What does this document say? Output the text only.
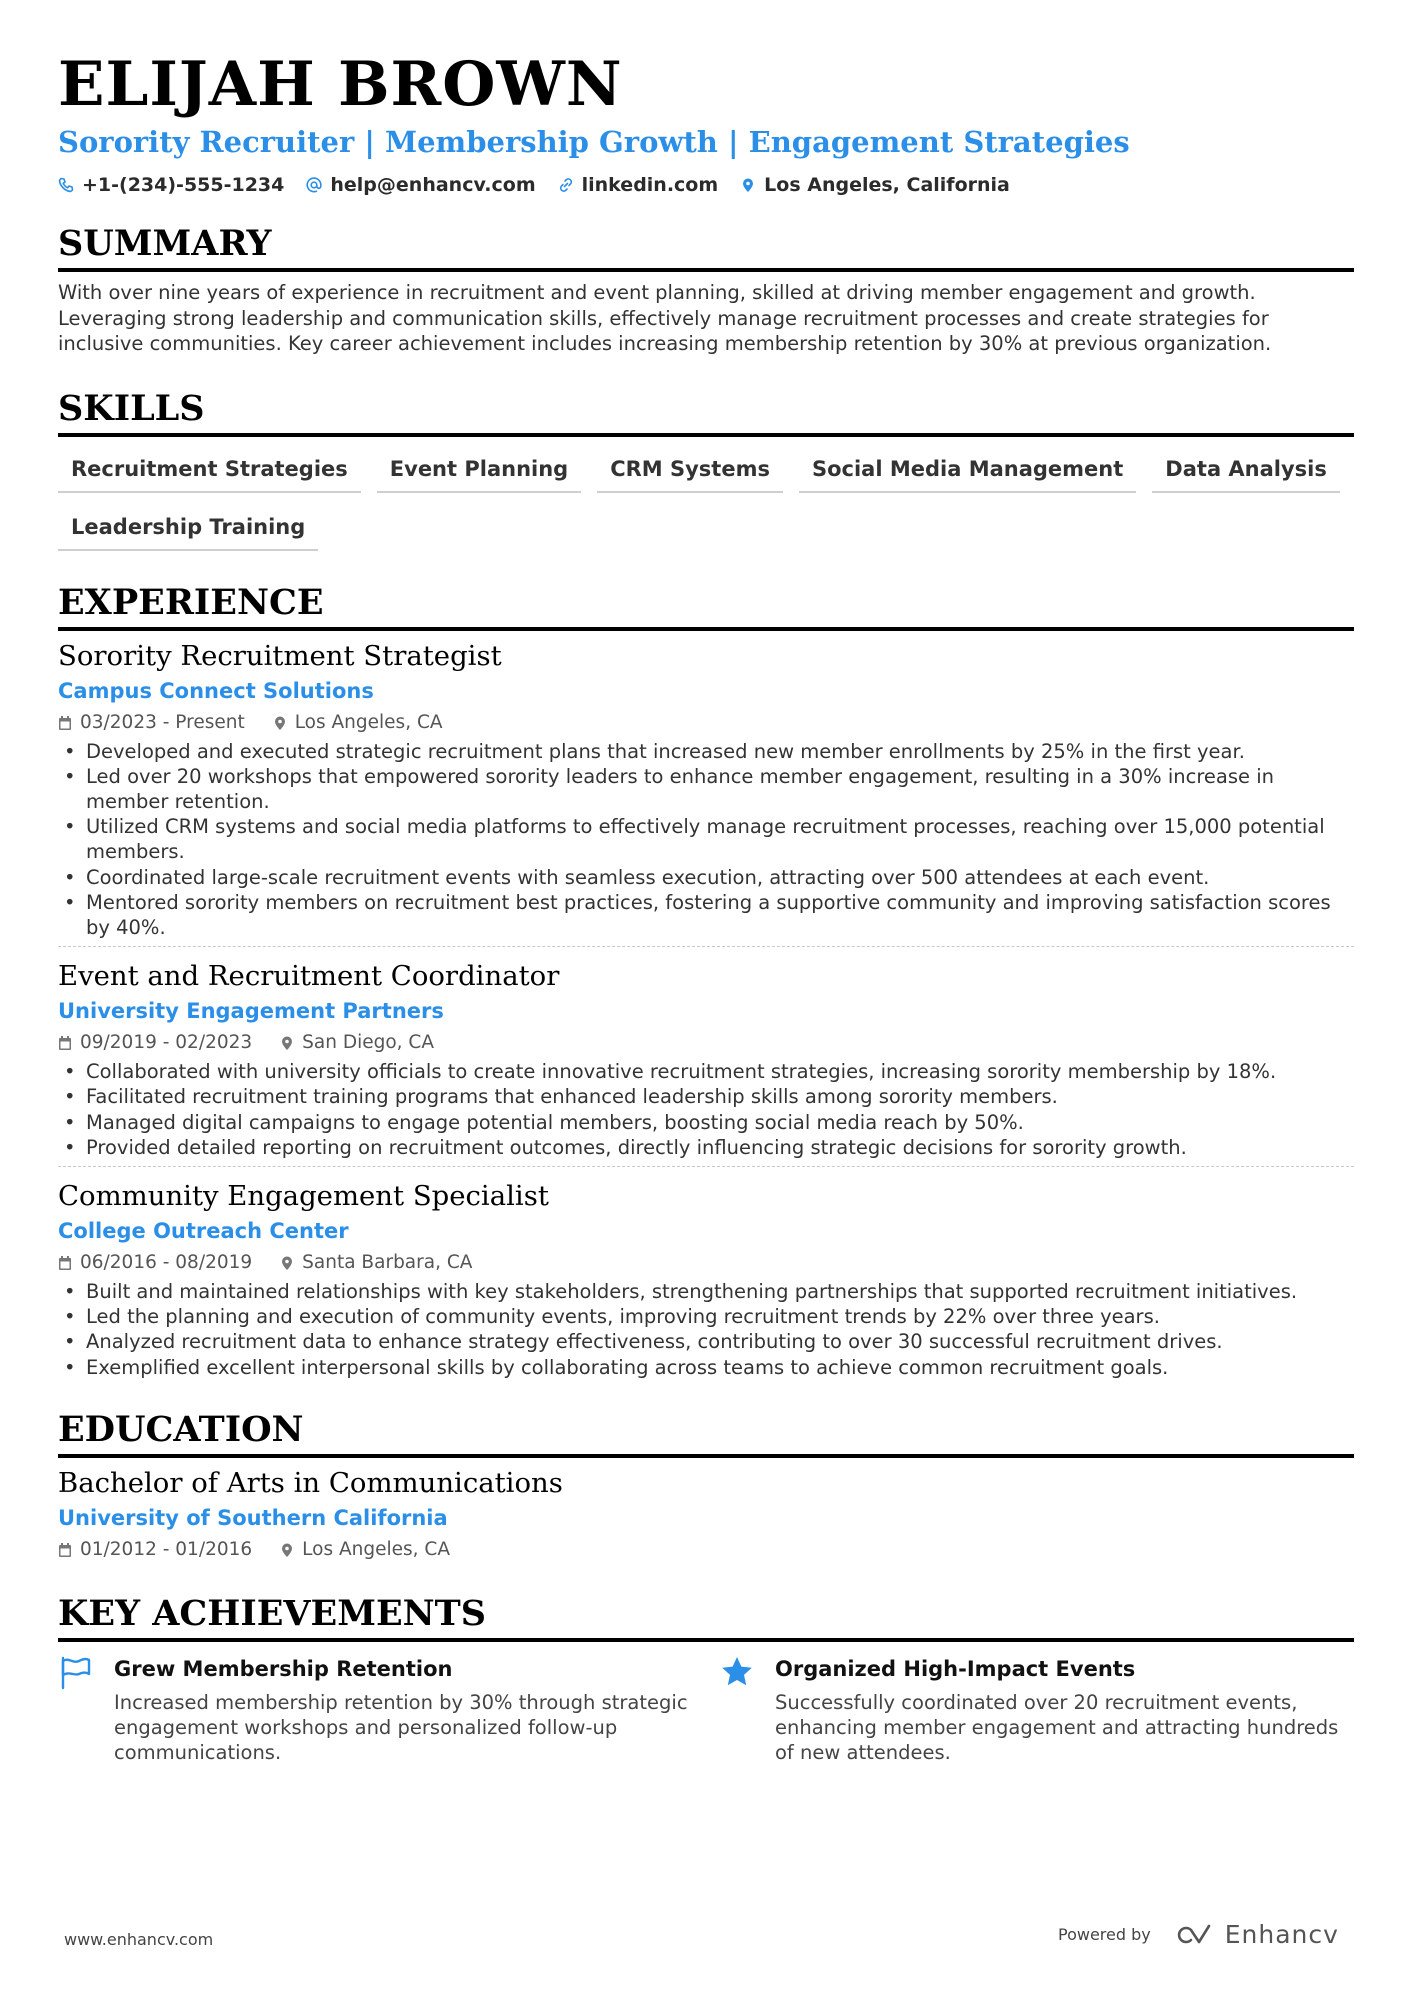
ELIJAH BROWN
Sorority Recruiter | Membership Growth | Engagement Strategies
+1-(234)-555-1234 help@enhancv.com linkedin.com Los Angeles, California
SUMMARY
With over nine years of experience in recruitment and event planning, skilled at driving member engagement and growth. Leveraging strong leadership and communication skills, effectively manage recruitment processes and create strategies for inclusive communities. Key career achievement includes increasing membership retention by 30% at previous organization.
SKILLS
Recruitment Strategies	Event Planning	CRM Systems	Social Media Management	Data Analysis
Leadership Training
EXPERIENCE
Sorority Recruitment Strategist
Campus Connect Solutions
03/2023 - Present	Los Angeles, CA
• Developed and executed strategic recruitment plans that increased new member enrollments by 25% in the first year.
• Led over 20 workshops that empowered sorority leaders to enhance member engagement, resulting in a 30% increase in member retention.
• Utilized CRM systems and social media platforms to effectively manage recruitment processes, reaching over 15,000 potential members.
• Coordinated large-scale recruitment events with seamless execution, attracting over 500 attendees at each event.
• Mentored sorority members on recruitment best practices, fostering a supportive community and improving satisfaction scores by 40%.
Event and Recruitment Coordinator
University Engagement Partners
09/2019 - 02/2023	San Diego, CA
• Collaborated with university officials to create innovative recruitment strategies, increasing sorority membership by 18%.
• Facilitated recruitment training programs that enhanced leadership skills among sorority members.
• Managed digital campaigns to engage potential members, boosting social media reach by 50%.
• Provided detailed reporting on recruitment outcomes, directly influencing strategic decisions for sorority growth.
Community Engagement Specialist
College Outreach Center
06/2016 - 08/2019	Santa Barbara, CA
• Built and maintained relationships with key stakeholders, strengthening partnerships that supported recruitment initiatives.
• Led the planning and execution of community events, improving recruitment trends by 22% over three years.
• Analyzed recruitment data to enhance strategy effectiveness, contributing to over 30 successful recruitment drives.
• Exemplified excellent interpersonal skills by collaborating across teams to achieve common recruitment goals.
EDUCATION
Bachelor of Arts in Communications
University of Southern California
01/2012 - 01/2016	Los Angeles, CA
KEY ACHIEVEMENTS
Grew Membership Retention
Increased membership retention by 30% through strategic engagement workshops and personalized follow-up communications.
Organized High-Impact Events
Successfully coordinated over 20 recruitment events, enhancing member engagement and attracting hundreds of new attendees.
www.enhancv.com	Powered by	Enhancv
